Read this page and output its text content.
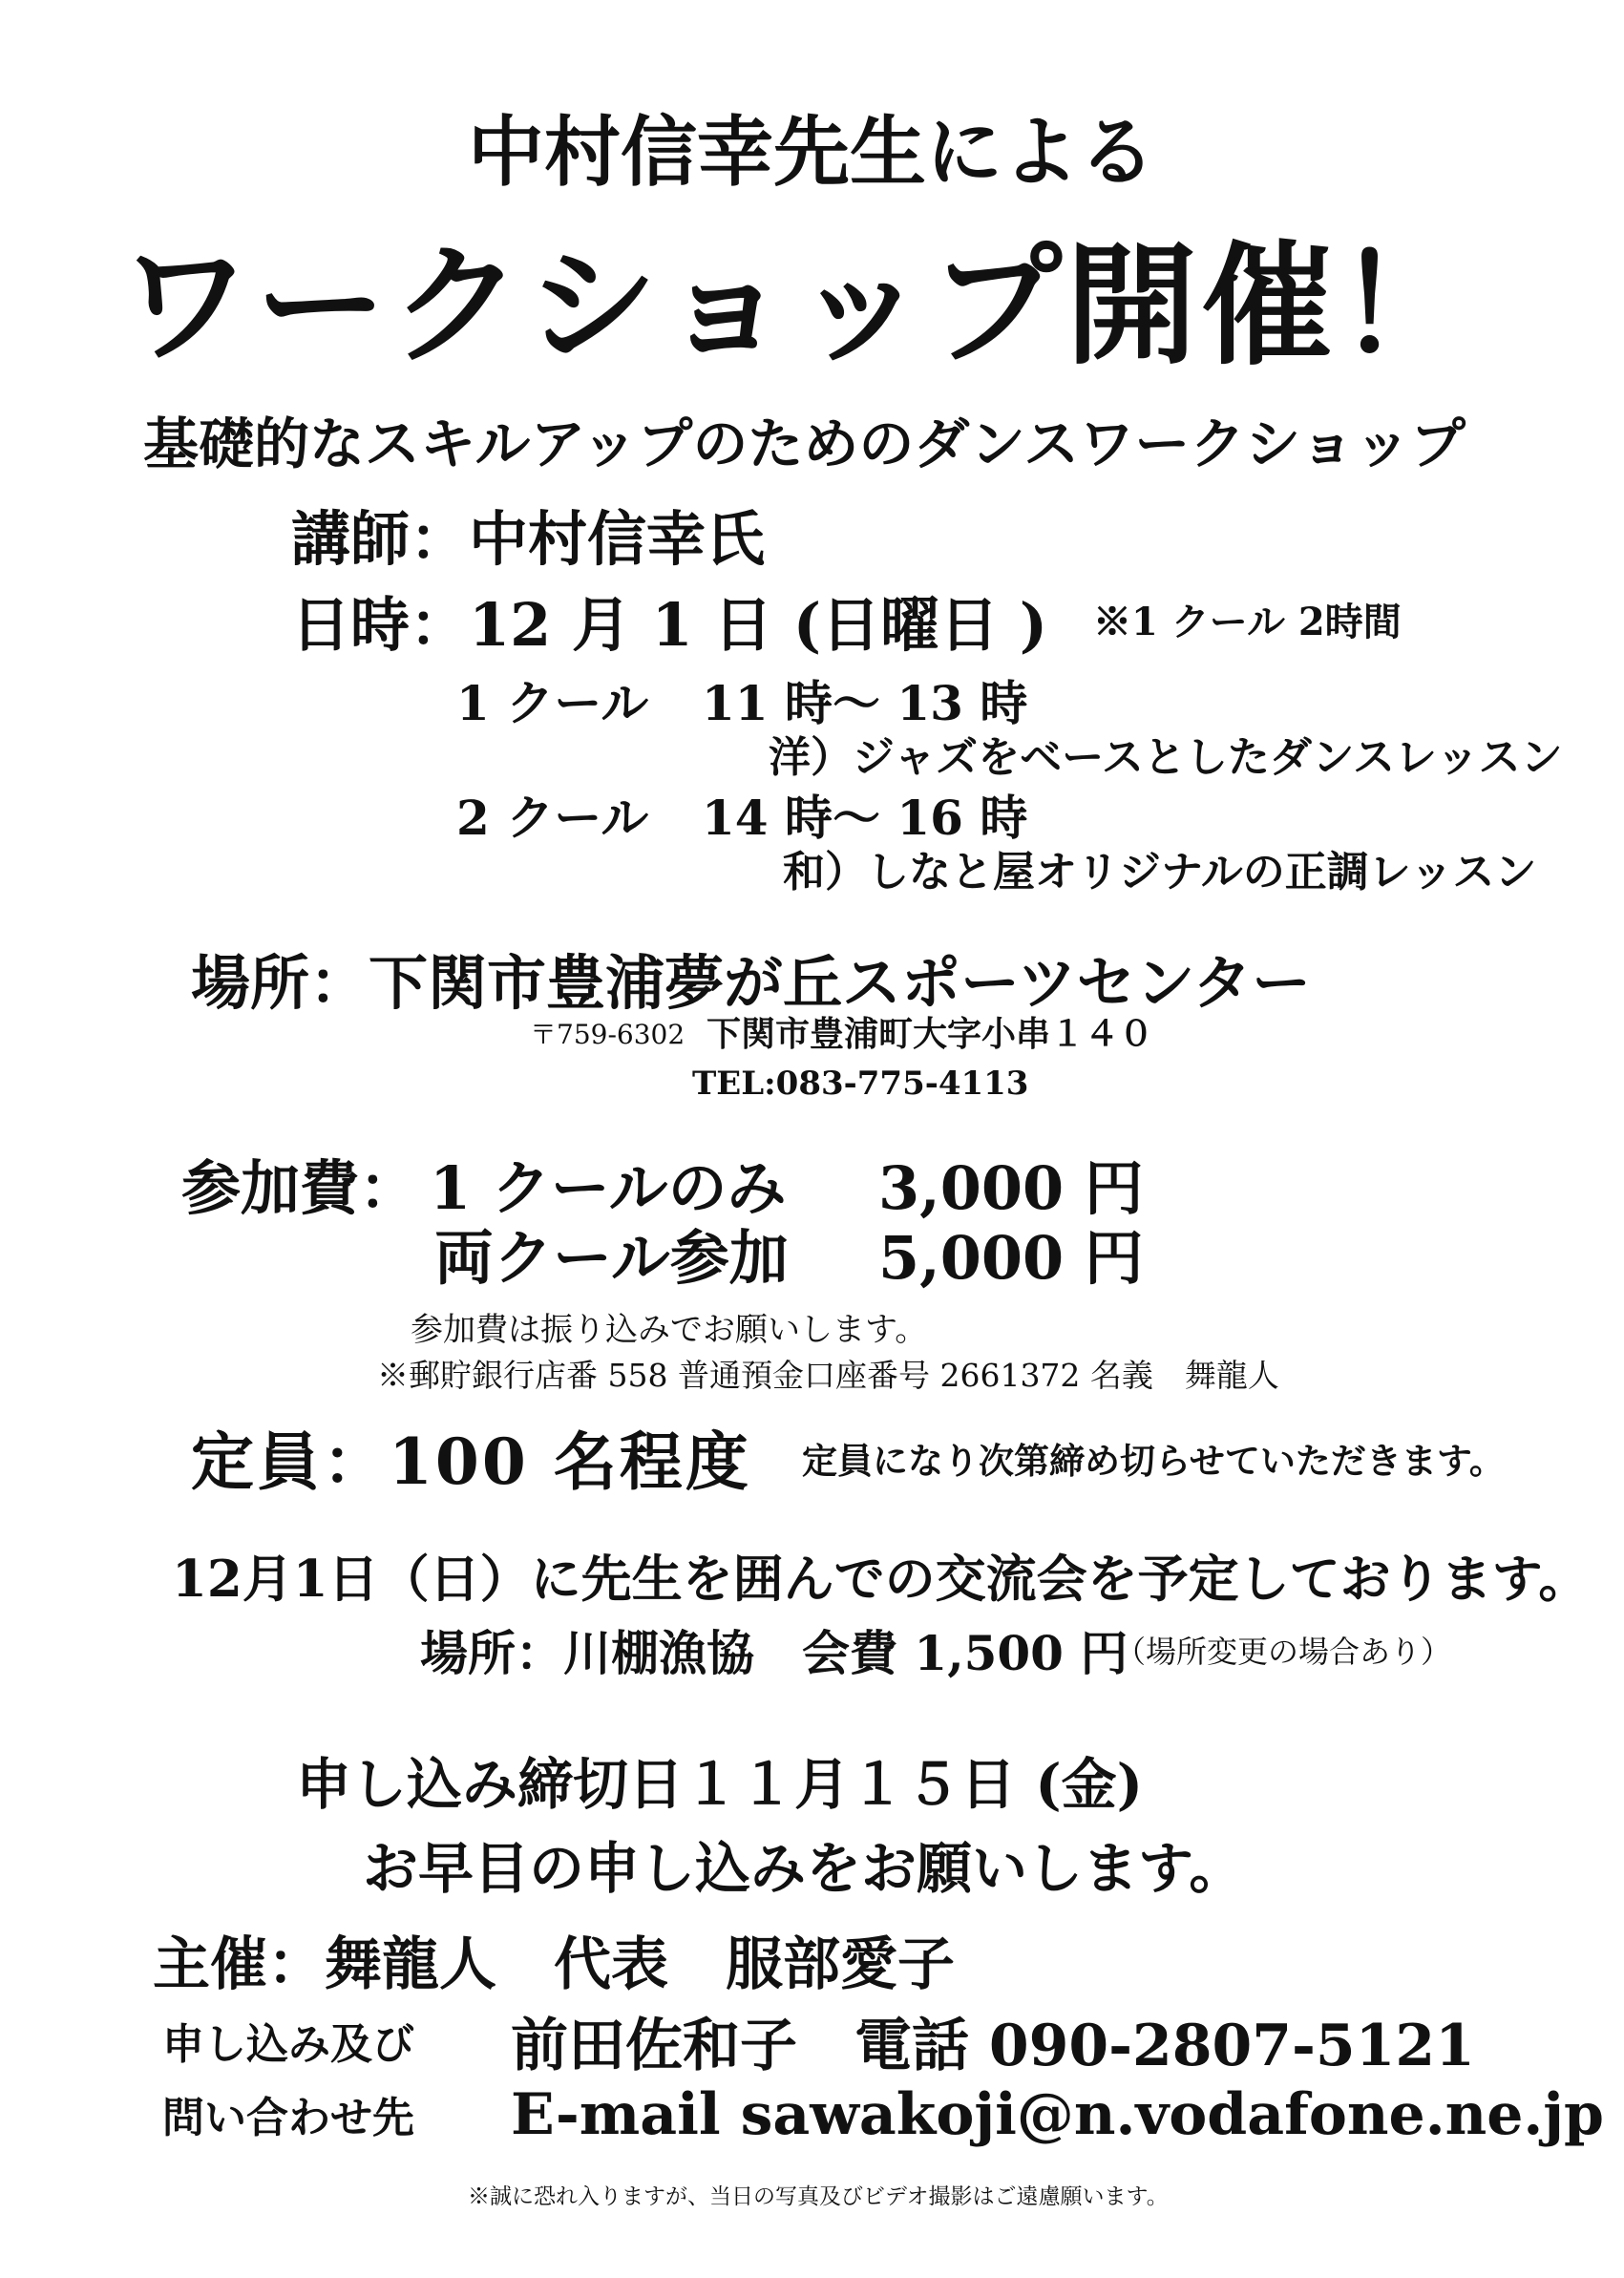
中村信幸先生による
ワークショップ開催！
基礎的なスキルアップのためのダンスワークショップ
講師：中村信幸氏
日時：12 月 1 日 (日曜日 ) ※1 クール 2時間
1 クール 11 時～ 13 時
洋）ジャズをベースとしたダンスレッスン
2 クール 14 時～ 16 時
和）しなと屋オリジナルの正調レッスン
場所：下関市豊浦夢が丘スポーツセンター
〒759-6302 下関市豊浦町大字小串１４０
TEL:083-775-4113
参加費： 1 クールのみ 3,000 円
両クール参加 5,000 円
参加費は振り込みでお願いします。
※郵貯銀行店番 558 普通預金口座番号 2661372 名義　舞龍人
定員：100 名程度 定員になり次第締め切らせていただきます。
12月1日（日）に先生を囲んでの交流会を予定しております。
場所：川棚漁協　会費 1,500 円
（場所変更の場合あり）
申し込み締切日１１月１５日 (金)
お早目の申し込みをお願いします。
主催：舞龍人　代表　服部愛子
申し込み及び
問い合わせ先
前田佐和子　電話 090-2807-5121
E-mail sawakoji@n.vodafone.ne.jp
※誠に恐れ入りますが、当日の写真及びビデオ撮影はご遠慮願います。
